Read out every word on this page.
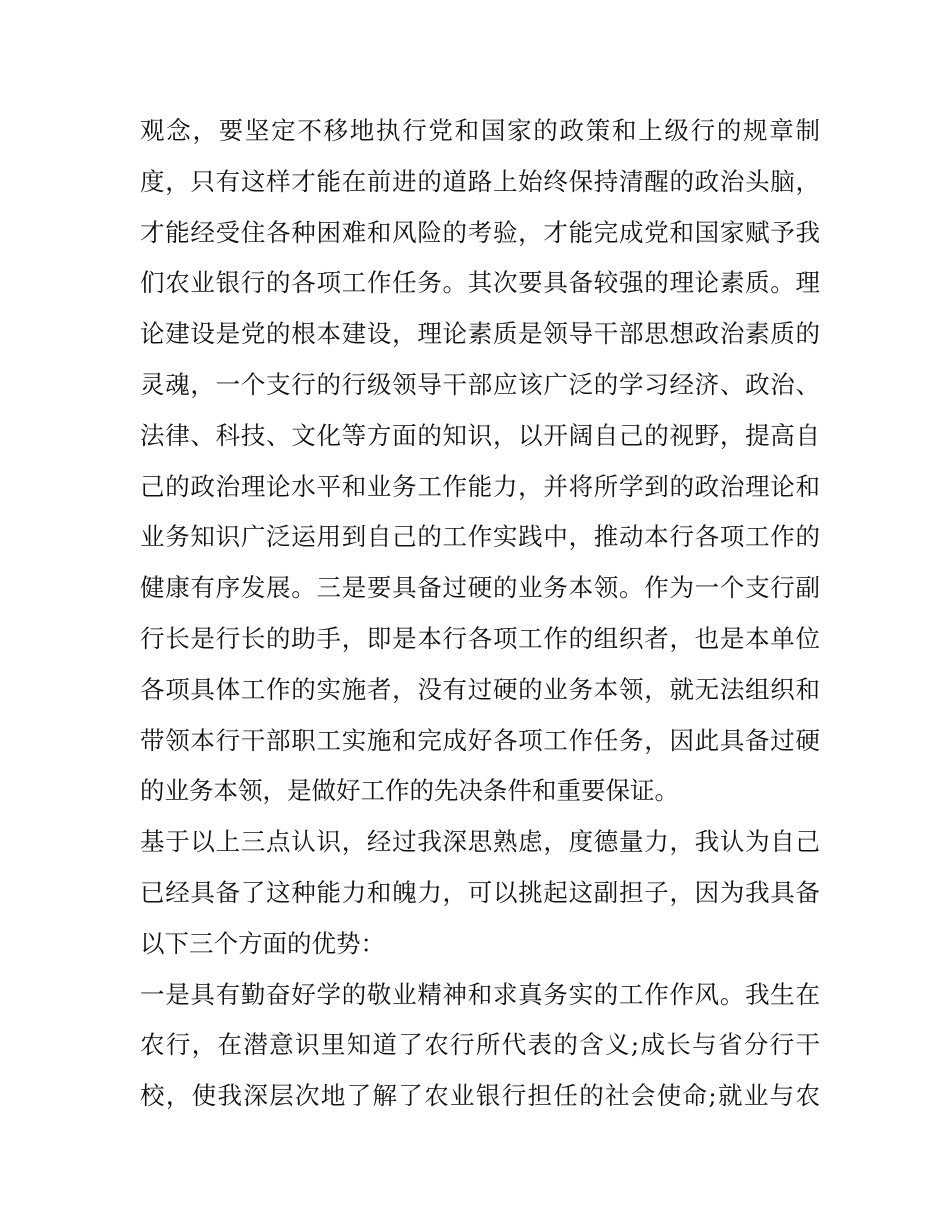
观念，要坚定不移地执行党和国家的政策和上级行的规章制
度，只有这样才能在前进的道路上始终保持清醒的政治头脑，
才能经受住各种困难和风险的考验，才能完成党和国家赋予我
们农业银行的各项工作任务。其次要具备较强的理论素质。理
论建设是党的根本建设，理论素质是领导干部思想政治素质的
灵魂，一个支行的行级领导干部应该广泛的学习经济、政治、
法律、科技、文化等方面的知识，以开阔自己的视野，提高自
己的政治理论水平和业务工作能力，并将所学到的政治理论和
业务知识广泛运用到自己的工作实践中，推动本行各项工作的
健康有序发展。三是要具备过硬的业务本领。作为一个支行副
行长是行长的助手，即是本行各项工作的组织者，也是本单位
各项具体工作的实施者，没有过硬的业务本领，就无法组织和
带领本行干部职工实施和完成好各项工作任务，因此具备过硬
的业务本领，是做好工作的先决条件和重要保证。
基于以上三点认识，经过我深思熟虑，度德量力，我认为自己
已经具备了这种能力和魄力，可以挑起这副担子，因为我具备
以下三个方面的优势：
一是具有勤奋好学的敬业精神和求真务实的工作作风。我生在
农行，在潜意识里知道了农行所代表的含义;成长与省分行干
校，使我深层次地了解了农业银行担任的社会使命;就业与农
